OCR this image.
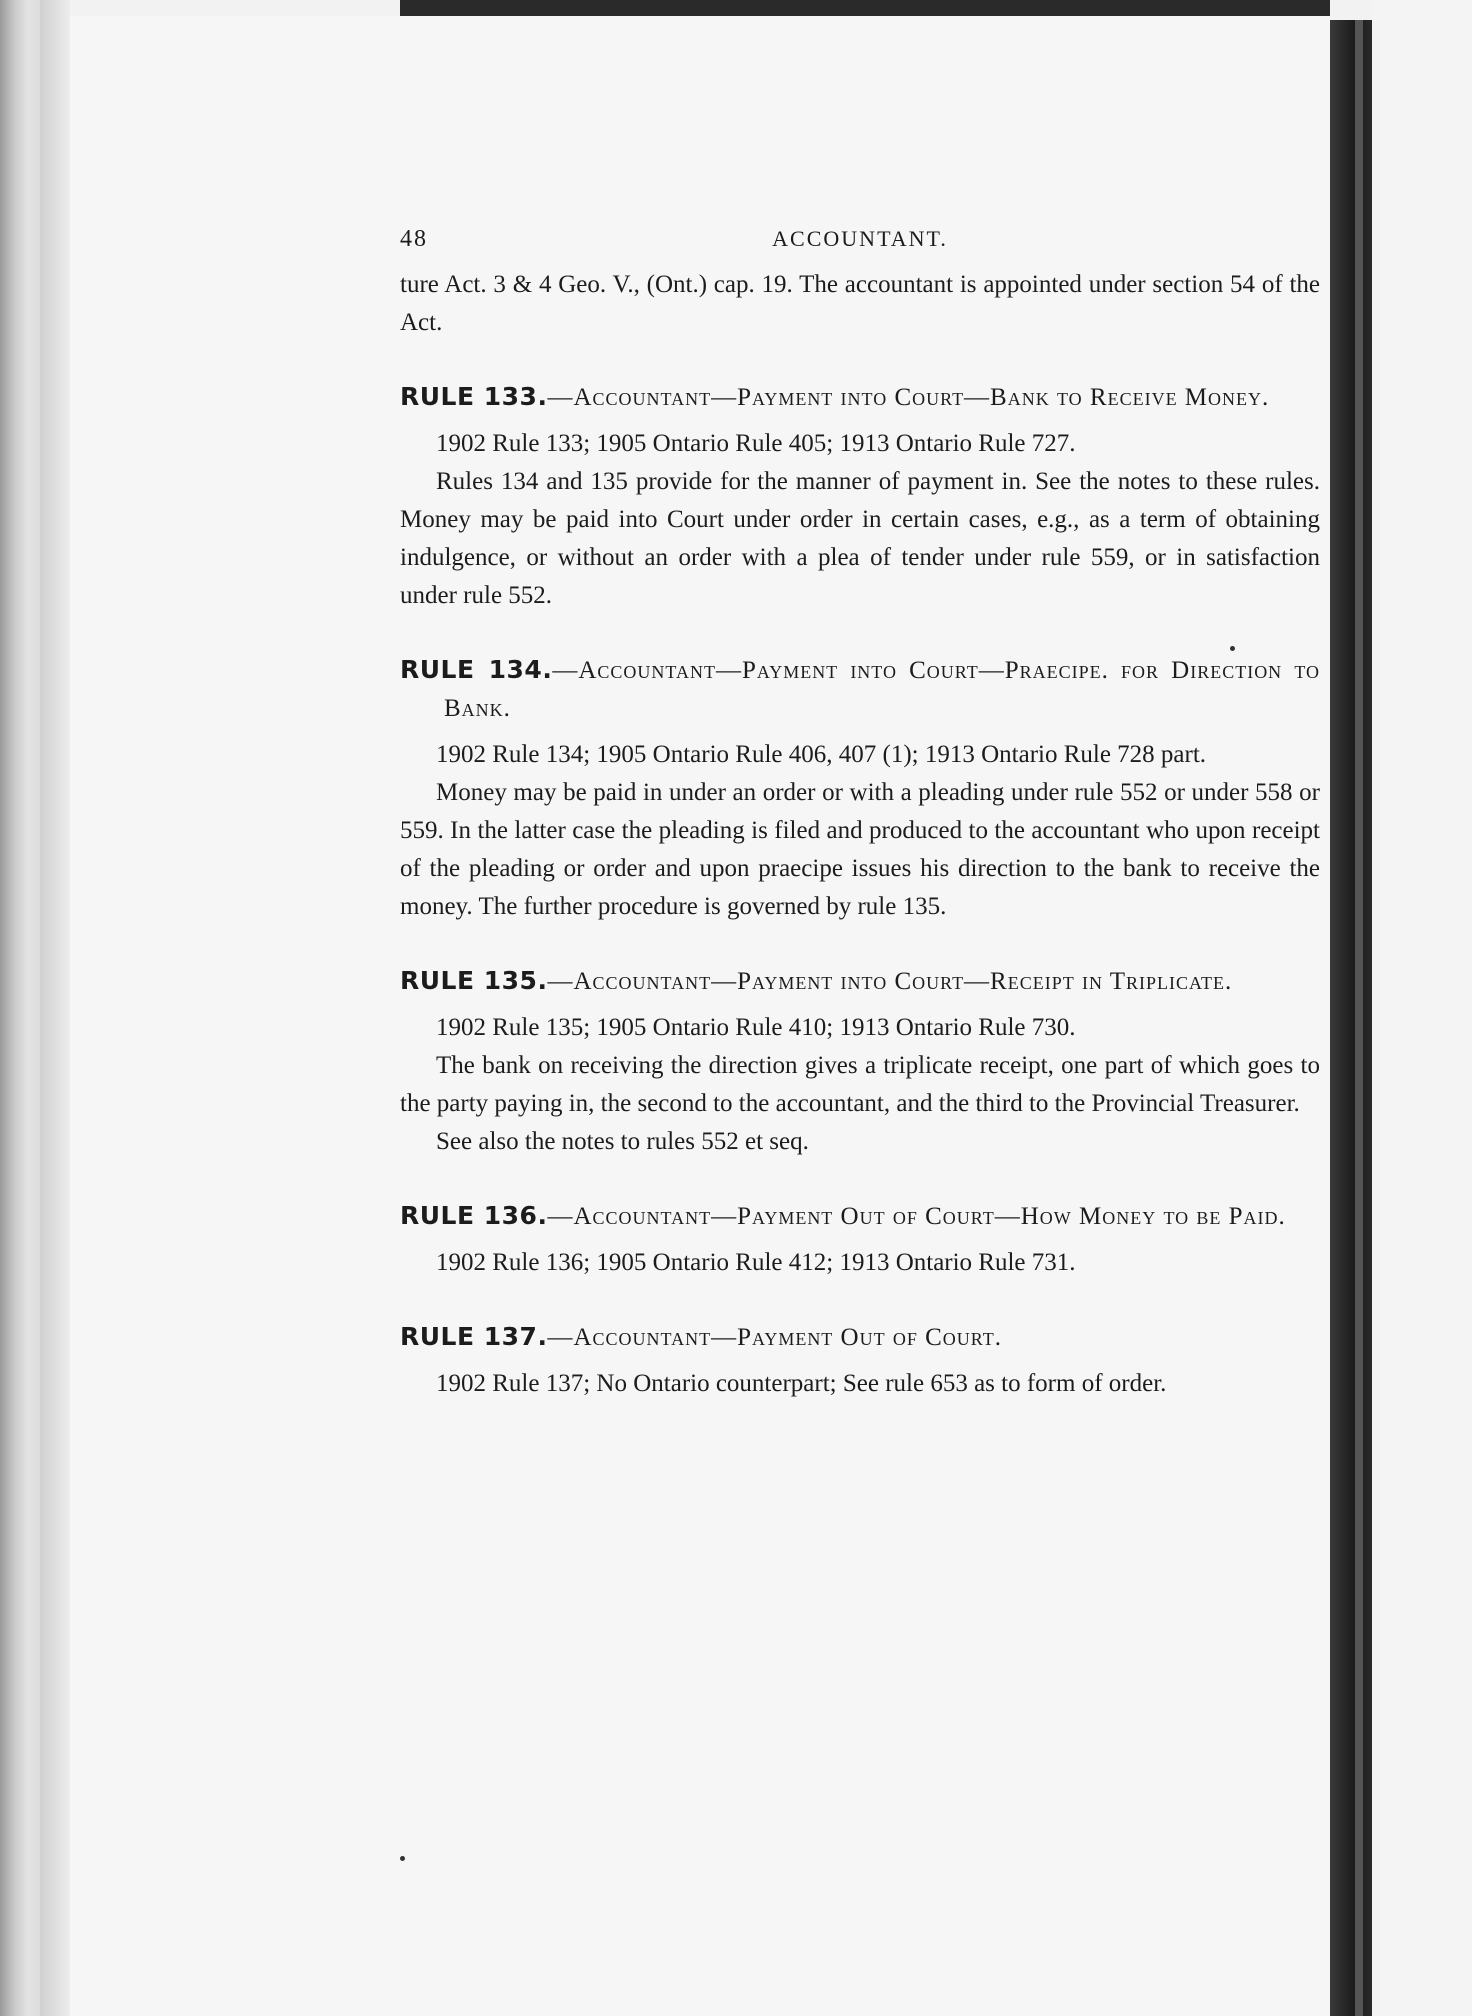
48	ACCOUNTANT.

ture Act. 3 & 4 Geo. V., (Ont.) cap. 19. The accountant is appointed under section 54 of the Act.

RULE 133.—Accountant—Payment into Court—Bank to Receive Money.

1902 Rule 133; 1905 Ontario Rule 405; 1913 Ontario Rule 727.

Rules 134 and 135 provide for the manner of payment in. See the notes to these rules. Money may be paid into Court under order in certain cases, e.g., as a term of obtaining indulgence, or without an order with a plea of tender under rule 559, or in satisfaction under rule 552.

RULE 134.—Accountant—Payment into Court—Praecipe. for Direction to Bank.

1902 Rule 134; 1905 Ontario Rule 406, 407 (1); 1913 Ontario Rule 728 part.

Money may be paid in under an order or with a pleading under rule 552 or under 558 or 559. In the latter case the pleading is filed and produced to the accountant who upon receipt of the pleading or order and upon praecipe issues his direction to the bank to receive the money. The further procedure is governed by rule 135.

RULE 135.—Accountant—Payment into Court—Receipt in Triplicate.

1902 Rule 135; 1905 Ontario Rule 410; 1913 Ontario Rule 730.

The bank on receiving the direction gives a triplicate receipt, one part of which goes to the party paying in, the second to the accountant, and the third to the Provincial Treasurer.

See also the notes to rules 552 et seq.

RULE 136.—Accountant—Payment Out of Court—How Money to be Paid.

1902 Rule 136; 1905 Ontario Rule 412; 1913 Ontario Rule 731.

RULE 137.—Accountant—Payment Out of Court.

1902 Rule 137; No Ontario counterpart; See rule 653 as to form of order.
